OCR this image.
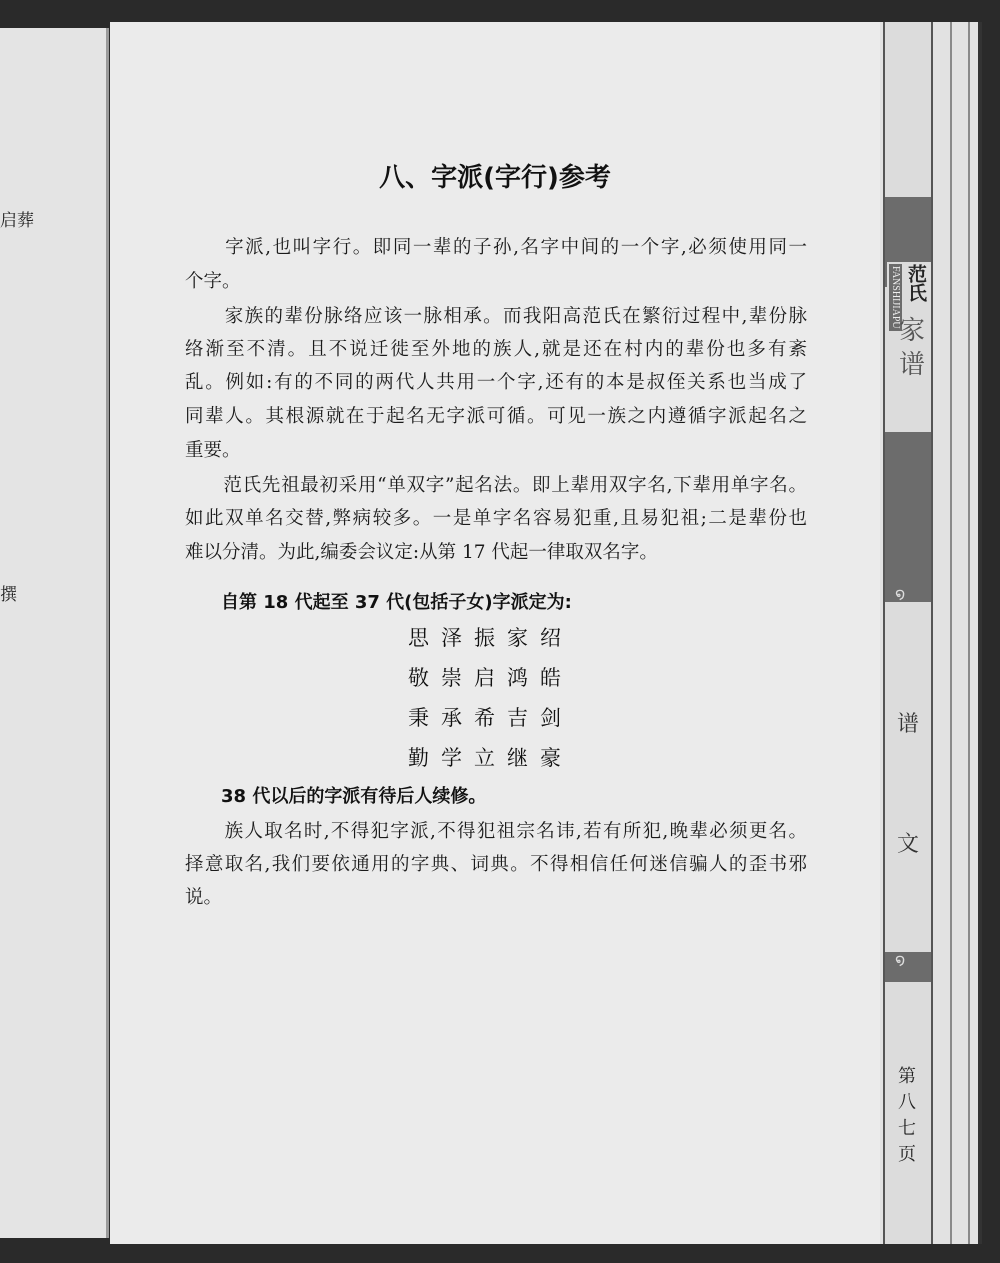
启葬
撰
八、字派(字行)参考
　　字派,也叫字行。即同一辈的子孙,名字中间的一个字,必须使用同一
个字。
　　家族的辈份脉络应该一脉相承。而我阳高范氏在繁衍过程中,辈份脉
络渐至不清。且不说迁徙至外地的族人,就是还在村内的辈份也多有紊
乱。例如:有的不同的两代人共用一个字,还有的本是叔侄关系也当成了
同辈人。其根源就在于起名无字派可循。可见一族之内遵循字派起名之
重要。
　　范氏先祖最初采用“单双字”起名法。即上辈用双字名,下辈用单字名。
如此双单名交替,弊病较多。一是单字名容易犯重,且易犯祖;二是辈份也
难以分清。为此,编委会议定:从第 17 代起一律取双名字。
自第 18 代起至 37 代(包括子女)字派定为:
思泽振家绍
敬崇启鸿皓
秉承希吉剑
勤学立继豪
38 代以后的字派有待后人续修。
　　族人取名时,不得犯字派,不得犯祖宗名讳,若有所犯,晚辈必须更名。
择意取名,我们要依通用的字典、词典。不得相信任何迷信骗人的歪书邪
说。
FANSHIJIAPU 范氏
家
谱
໑
谱
文
໑
第
八
七
页
